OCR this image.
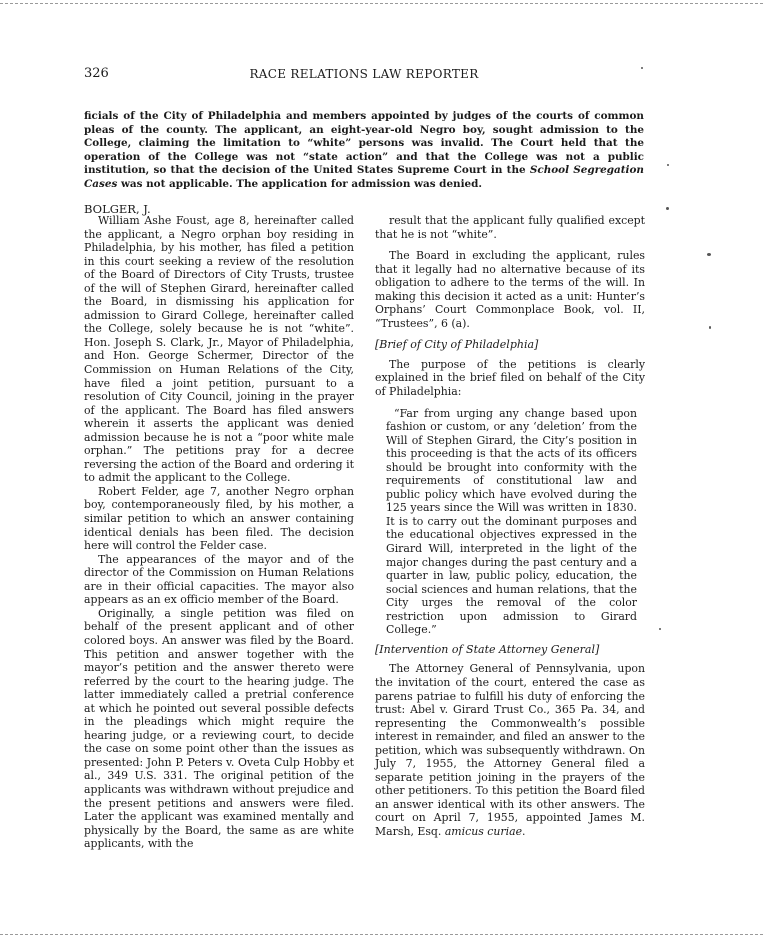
326	RACE RELATIONS LAW REPORTER
ficials of the City of Philadelphia and members appointed by judges of the courts of common pleas of the county. The applicant, an eight-year-old Negro boy, sought admission to the College, claiming the limitation to “white” persons was invalid. The Court held that the operation of the College was not “state action” and that the College was not a public institution, so that the decision of the United States Supreme Court in the School Segregation Cases was not applicable. The application for admission was denied.
BOLGER, J.

William Ashe Foust, age 8, hereinafter called the applicant, a Negro orphan boy residing in Philadelphia, by his mother, has filed a petition in this court seeking a review of the resolution of the Board of Directors of City Trusts, trustee of the will of Stephen Girard, hereinafter called the Board, in dismissing his application for admission to Girard College, hereinafter called the College, solely because he is not “white”. Hon. Joseph S. Clark, Jr., Mayor of Philadelphia, and Hon. George Schermer, Director of the Commission on Human Relations of the City, have filed a joint petition, pursuant to a resolution of City Council, joining in the prayer of the applicant. The Board has filed answers wherein it asserts the applicant was denied admission because he is not a “poor white male orphan.” The petitions pray for a decree reversing the action of the Board and ordering it to admit the applicant to the College.

Robert Felder, age 7, another Negro orphan boy, contemporaneously filed, by his mother, a similar petition to which an answer containing identical denials has been filed. The decision here will control the Felder case.

The appearances of the mayor and of the director of the Commission on Human Relations are in their official capacities. The mayor also appears as an ex officio member of the Board.

Originally, a single petition was filed on behalf of the present applicant and of other colored boys. An answer was filed by the Board. This petition and answer together with the mayor’s petition and the answer thereto were referred by the court to the hearing judge. The latter immediately called a pretrial conference at which he pointed out several possible defects in the pleadings which might require the hearing judge, or a reviewing court, to decide the case on some point other than the issues as presented: John P. Peters v. Oveta Culp Hobby et al., 349 U.S. 331. The original petition of the applicants was withdrawn without prejudice and the present petitions and answers were filed. Later the applicant was examined mentally and physically by the Board, the same as are white applicants, with the

result that the applicant fully qualified except that he is not “white”.

The Board in excluding the applicant, rules that it legally had no alternative because of its obligation to adhere to the terms of the will. In making this decision it acted as a unit: Hunter’s Orphans’ Court Commonplace Book, vol. II, “Trustees”, 6 (a).

[Brief of City of Philadelphia]

The purpose of the petitions is clearly explained in the brief filed on behalf of the City of Philadelphia:

“Far from urging any change based upon fashion or custom, or any ‘deletion’ from the Will of Stephen Girard, the City’s position in this proceeding is that the acts of its officers should be brought into conformity with the requirements of constitutional law and public policy which have evolved during the 125 years since the Will was written in 1830. It is to carry out the dominant purposes and the educational objectives expressed in the Girard Will, interpreted in the light of the major changes during the past century and a quarter in law, public policy, education, the social sciences and human relations, that the City urges the removal of the color restriction upon admission to Girard College.”

[Intervention of State Attorney General]

The Attorney General of Pennsylvania, upon the invitation of the court, entered the case as parens patriae to fulfill his duty of enforcing the trust: Abel v. Girard Trust Co., 365 Pa. 34, and representing the Commonwealth’s possible interest in remainder, and filed an answer to the petition, which was subsequently withdrawn. On July 7, 1955, the Attorney General filed a separate petition joining in the prayers of the other petitioners. To this petition the Board filed an answer identical with its other answers. The court on April 7, 1955, appointed James M. Marsh, Esq. amicus curiae.
